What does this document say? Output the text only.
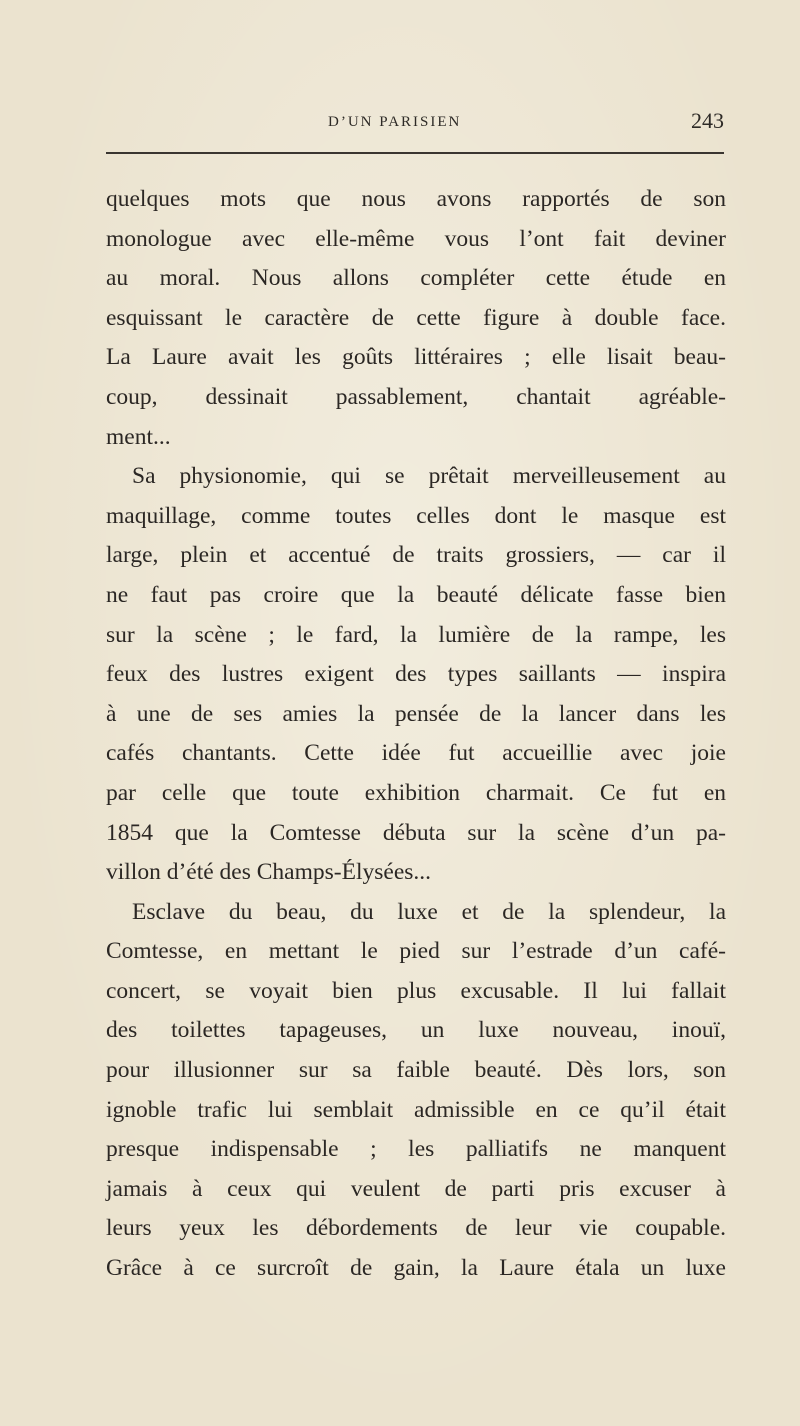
D’UN PARISIEN	243
quelques mots que nous avons rapportés de son
monologue avec elle-même vous l’ont fait deviner
au moral. Nous allons compléter cette étude en
esquissant le caractère de cette figure à double face.
La Laure avait les goûts littéraires ; elle lisait beau-
coup, dessinait passablement, chantait agréable-
ment...
Sa physionomie, qui se prêtait merveilleusement au
maquillage, comme toutes celles dont le masque est
large, plein et accentué de traits grossiers, — car il
ne faut pas croire que la beauté délicate fasse bien
sur la scène ; le fard, la lumière de la rampe, les
feux des lustres exigent des types saillants — inspira
à une de ses amies la pensée de la lancer dans les
cafés chantants. Cette idée fut accueillie avec joie
par celle que toute exhibition charmait. Ce fut en
1854 que la Comtesse débuta sur la scène d’un pa-
villon d’été des Champs-Élysées...
Esclave du beau, du luxe et de la splendeur, la
Comtesse, en mettant le pied sur l’estrade d’un café-
concert, se voyait bien plus excusable. Il lui fallait
des toilettes tapageuses, un luxe nouveau, inouï,
pour illusionner sur sa faible beauté. Dès lors, son
ignoble trafic lui semblait admissible en ce qu’il était
presque indispensable ; les palliatifs ne manquent
jamais à ceux qui veulent de parti pris excuser à
leurs yeux les débordements de leur vie coupable.
Grâce à ce surcroît de gain, la Laure étala un luxe
